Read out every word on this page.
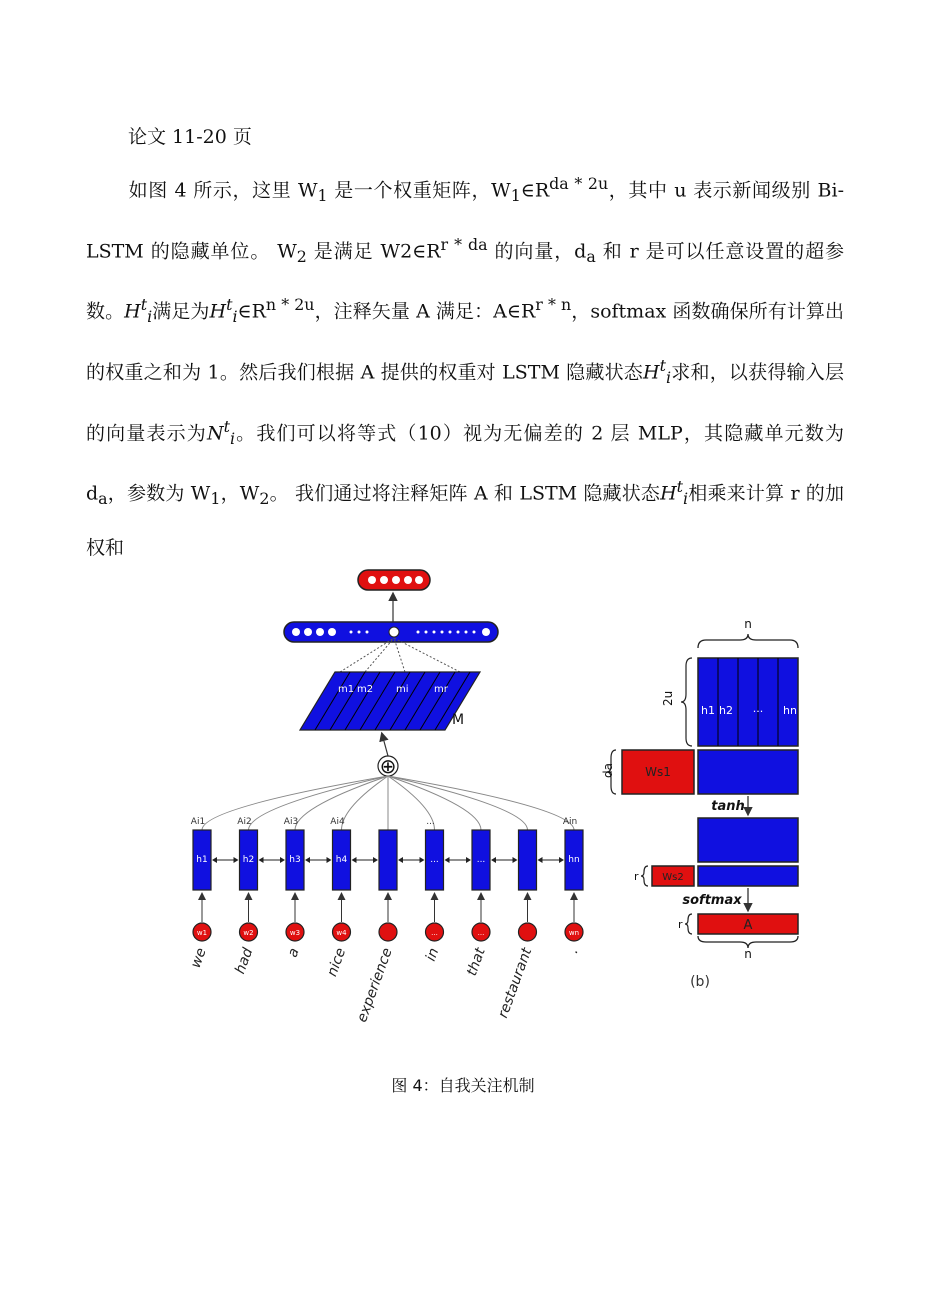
论文 11-20 页

如图 4 所示，这里 $W_1$ 是一个权重矩阵，$W_1\in R^{da * 2u}$，其中 u 表示新闻级别 Bi-LSTM 的隐藏单位。 $W_2$ 是满足 $W2\in R^{r * da}$ 的向量，$d_a$ 和 r 是可以任意设置的超参数。$H^t_i$满足为$H^t_i\in R^{n * 2u}$，注释矢量 A 满足：$A\in R^{r * n}$，softmax 函数确保所有计算出的权重之和为 1。然后我们根据 A 提供的权重对 LSTM 隐藏状态$H^t_i$求和，以获得输入层的向量表示为$N^t_i$。我们可以将等式（10）视为无偏差的 2 层 MLP，其隐藏单元数为 $d_a$，参数为 $W_1$，$W_2$。 我们通过将注释矩阵 A 和 LSTM 隐藏状态$H^t_i$相乘来计算 r 的加权和

m1 m2 mi	mr
M
⊕
h1
Ai1
w1
we
h2
Ai2
w2
had
h3
Ai3
w3
a
h4
Ai4
w4
nice experience
...
...
...
in
...
...
that restaurant
hn
Ain
wn
.
n
h1 h2 ... hn
2u
Ws1
da
tanh
Ws2
r
softmax
A
r
n
(b)
图 4：自我关注机制
